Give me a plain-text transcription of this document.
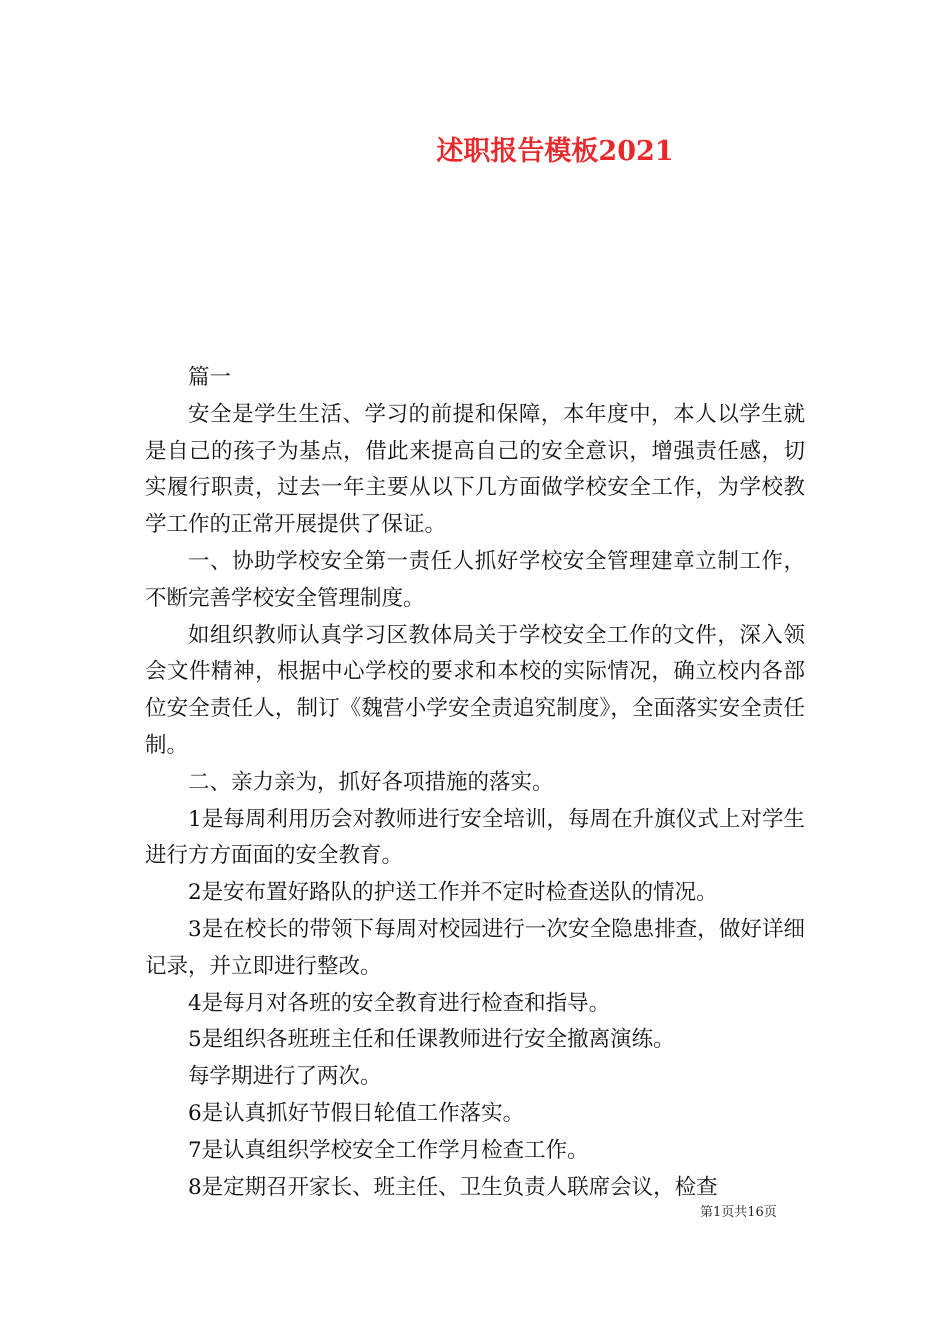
述职报告模板2021

篇一

安全是学生生活、学习的前提和保障，本年度中，本人以学生就是自己的孩子为基点，借此来提高自己的安全意识，增强责任感，切实履行职责，过去一年主要从以下几方面做学校安全工作，为学校教学工作的正常开展提供了保证。

一、协助学校安全第一责任人抓好学校安全管理建章立制工作，不断完善学校安全管理制度。

如组织教师认真学习区教体局关于学校安全工作的文件，深入领会文件精神，根据中心学校的要求和本校的实际情况，确立校内各部位安全责任人，制订《魏营小学安全责追究制度》，全面落实安全责任制。

二、亲力亲为，抓好各项措施的落实。

1是每周利用历会对教师进行安全培训，每周在升旗仪式上对学生进行方方面面的安全教育。

2是安布置好路队的护送工作并不定时检查送队的情况。

3是在校长的带领下每周对校园进行一次安全隐患排查，做好详细记录，并立即进行整改。

4是每月对各班的安全教育进行检查和指导。

5是组织各班班主任和任课教师进行安全撤离演练。

每学期进行了两次。

6是认真抓好节假日轮值工作落实。

7是认真组织学校安全工作学月检查工作。

8是定期召开家长、班主任、卫生负责人联席会议，检查

第1页共16页
